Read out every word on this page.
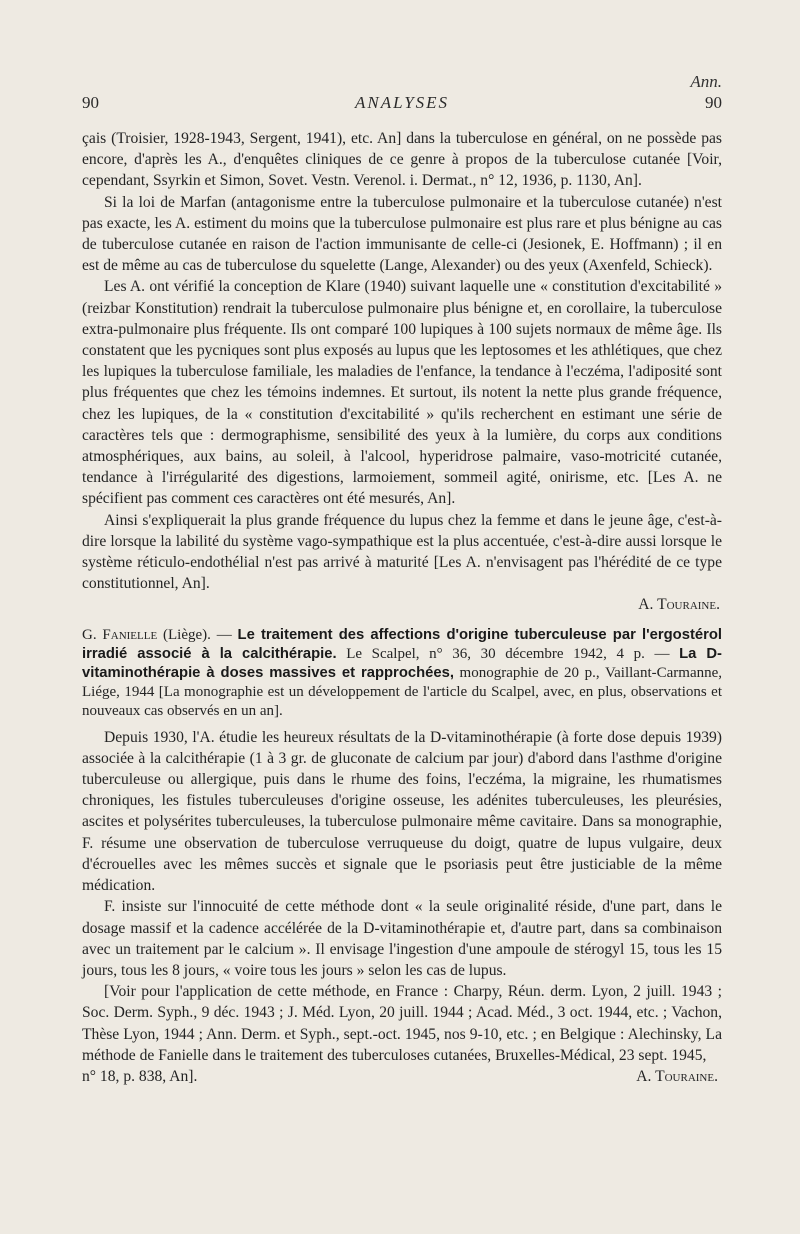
Ann.
90	ANALYSES	90

çais (Troisier, 1928-1943, Sergent, 1941), etc. An] dans la tuberculose en général, on ne possède pas encore, d'après les A., d'enquêtes cliniques de ce genre à propos de la tuberculose cutanée [Voir, cependant, Ssyrkin et Simon, Sovet. Vestn. Verenol. i. Dermat., n° 12, 1936, p. 1130, An].

Si la loi de Marfan (antagonisme entre la tuberculose pulmonaire et la tuberculose cutanée) n'est pas exacte, les A. estiment du moins que la tuberculose pulmonaire est plus rare et plus bénigne au cas de tuberculose cutanée en raison de l'action immunisante de celle-ci (Jesionek, E. Hoffmann) ; il en est de même au cas de tuberculose du squelette (Lange, Alexander) ou des yeux (Axenfeld, Schieck).

Les A. ont vérifié la conception de Klare (1940) suivant laquelle une « constitution d'excitabilité » (reizbar Konstitution) rendrait la tuberculose pulmonaire plus bénigne et, en corollaire, la tuberculose extra-pulmonaire plus fréquente. Ils ont comparé 100 lupiques à 100 sujets normaux de même âge. Ils constatent que les pycniques sont plus exposés au lupus que les leptosomes et les athlétiques, que chez les lupiques la tuberculose familiale, les maladies de l'enfance, la tendance à l'eczéma, l'adiposité sont plus fréquentes que chez les témoins indemnes. Et surtout, ils notent la nette plus grande fréquence, chez les lupiques, de la « constitution d'excitabilité » qu'ils recherchent en estimant une série de caractères tels que : dermographisme, sensibilité des yeux à la lumière, du corps aux conditions atmosphériques, aux bains, au soleil, à l'alcool, hyperidrose palmaire, vaso-motricité cutanée, tendance à l'irrégularité des digestions, larmoiement, sommeil agité, onirisme, etc. [Les A. ne spécifient pas comment ces caractères ont été mesurés, An].

Ainsi s'expliquerait la plus grande fréquence du lupus chez la femme et dans le jeune âge, c'est-à-dire lorsque la labilité du système vago-sympathique est la plus accentuée, c'est-à-dire aussi lorsque le système réticulo-endothélial n'est pas arrivé à maturité [Les A. n'envisagent pas l'hérédité de ce type constitutionnel, An].

A. Touraine.

G. Fanielle (Liège). — Le traitement des affections d'origine tuberculeuse par l'ergostérol irradié associé à la calcithérapie. Le Scalpel, n° 36, 30 décembre 1942, 4 p. — La D-vitaminothérapie à doses massives et rapprochées, monographie de 20 p., Vaillant-Carmanne, Liége, 1944 [La monographie est un développement de l'article du Scalpel, avec, en plus, observations et nouveaux cas observés en un an].

Depuis 1930, l'A. étudie les heureux résultats de la D-vitaminothérapie (à forte dose depuis 1939) associée à la calcithérapie (1 à 3 gr. de gluconate de calcium par jour) d'abord dans l'asthme d'origine tuberculeuse ou allergique, puis dans le rhume des foins, l'eczéma, la migraine, les rhumatismes chroniques, les fistules tuberculeuses d'origine osseuse, les adénites tuberculeuses, les pleurésies, ascites et polysérites tuberculeuses, la tuberculose pulmonaire même cavitaire. Dans sa monographie, F. résume une observation de tuberculose verruqueuse du doigt, quatre de lupus vulgaire, deux d'écrouelles avec les mêmes succès et signale que le psoriasis peut être justiciable de la même médication.

F. insiste sur l'innocuité de cette méthode dont « la seule originalité réside, d'une part, dans le dosage massif et la cadence accélérée de la D-vitaminothérapie et, d'autre part, dans sa combinaison avec un traitement par le calcium ». Il envisage l'ingestion d'une ampoule de stérogyl 15, tous les 15 jours, tous les 8 jours, « voire tous les jours » selon les cas de lupus.

[Voir pour l'application de cette méthode, en France : Charpy, Réun. derm. Lyon, 2 juill. 1943 ; Soc. Derm. Syph., 9 déc. 1943 ; J. Méd. Lyon, 20 juill. 1944 ; Acad. Méd., 3 oct. 1944, etc. ; Vachon, Thèse Lyon, 1944 ; Ann. Derm. et Syph., sept.-oct. 1945, nos 9-10, etc. ; en Belgique : Alechinsky, La méthode de Fanielle dans le traitement des tuberculoses cutanées, Bruxelles-Médical, 23 sept. 1945,

n° 18, p. 838, An].	A. Touraine.
